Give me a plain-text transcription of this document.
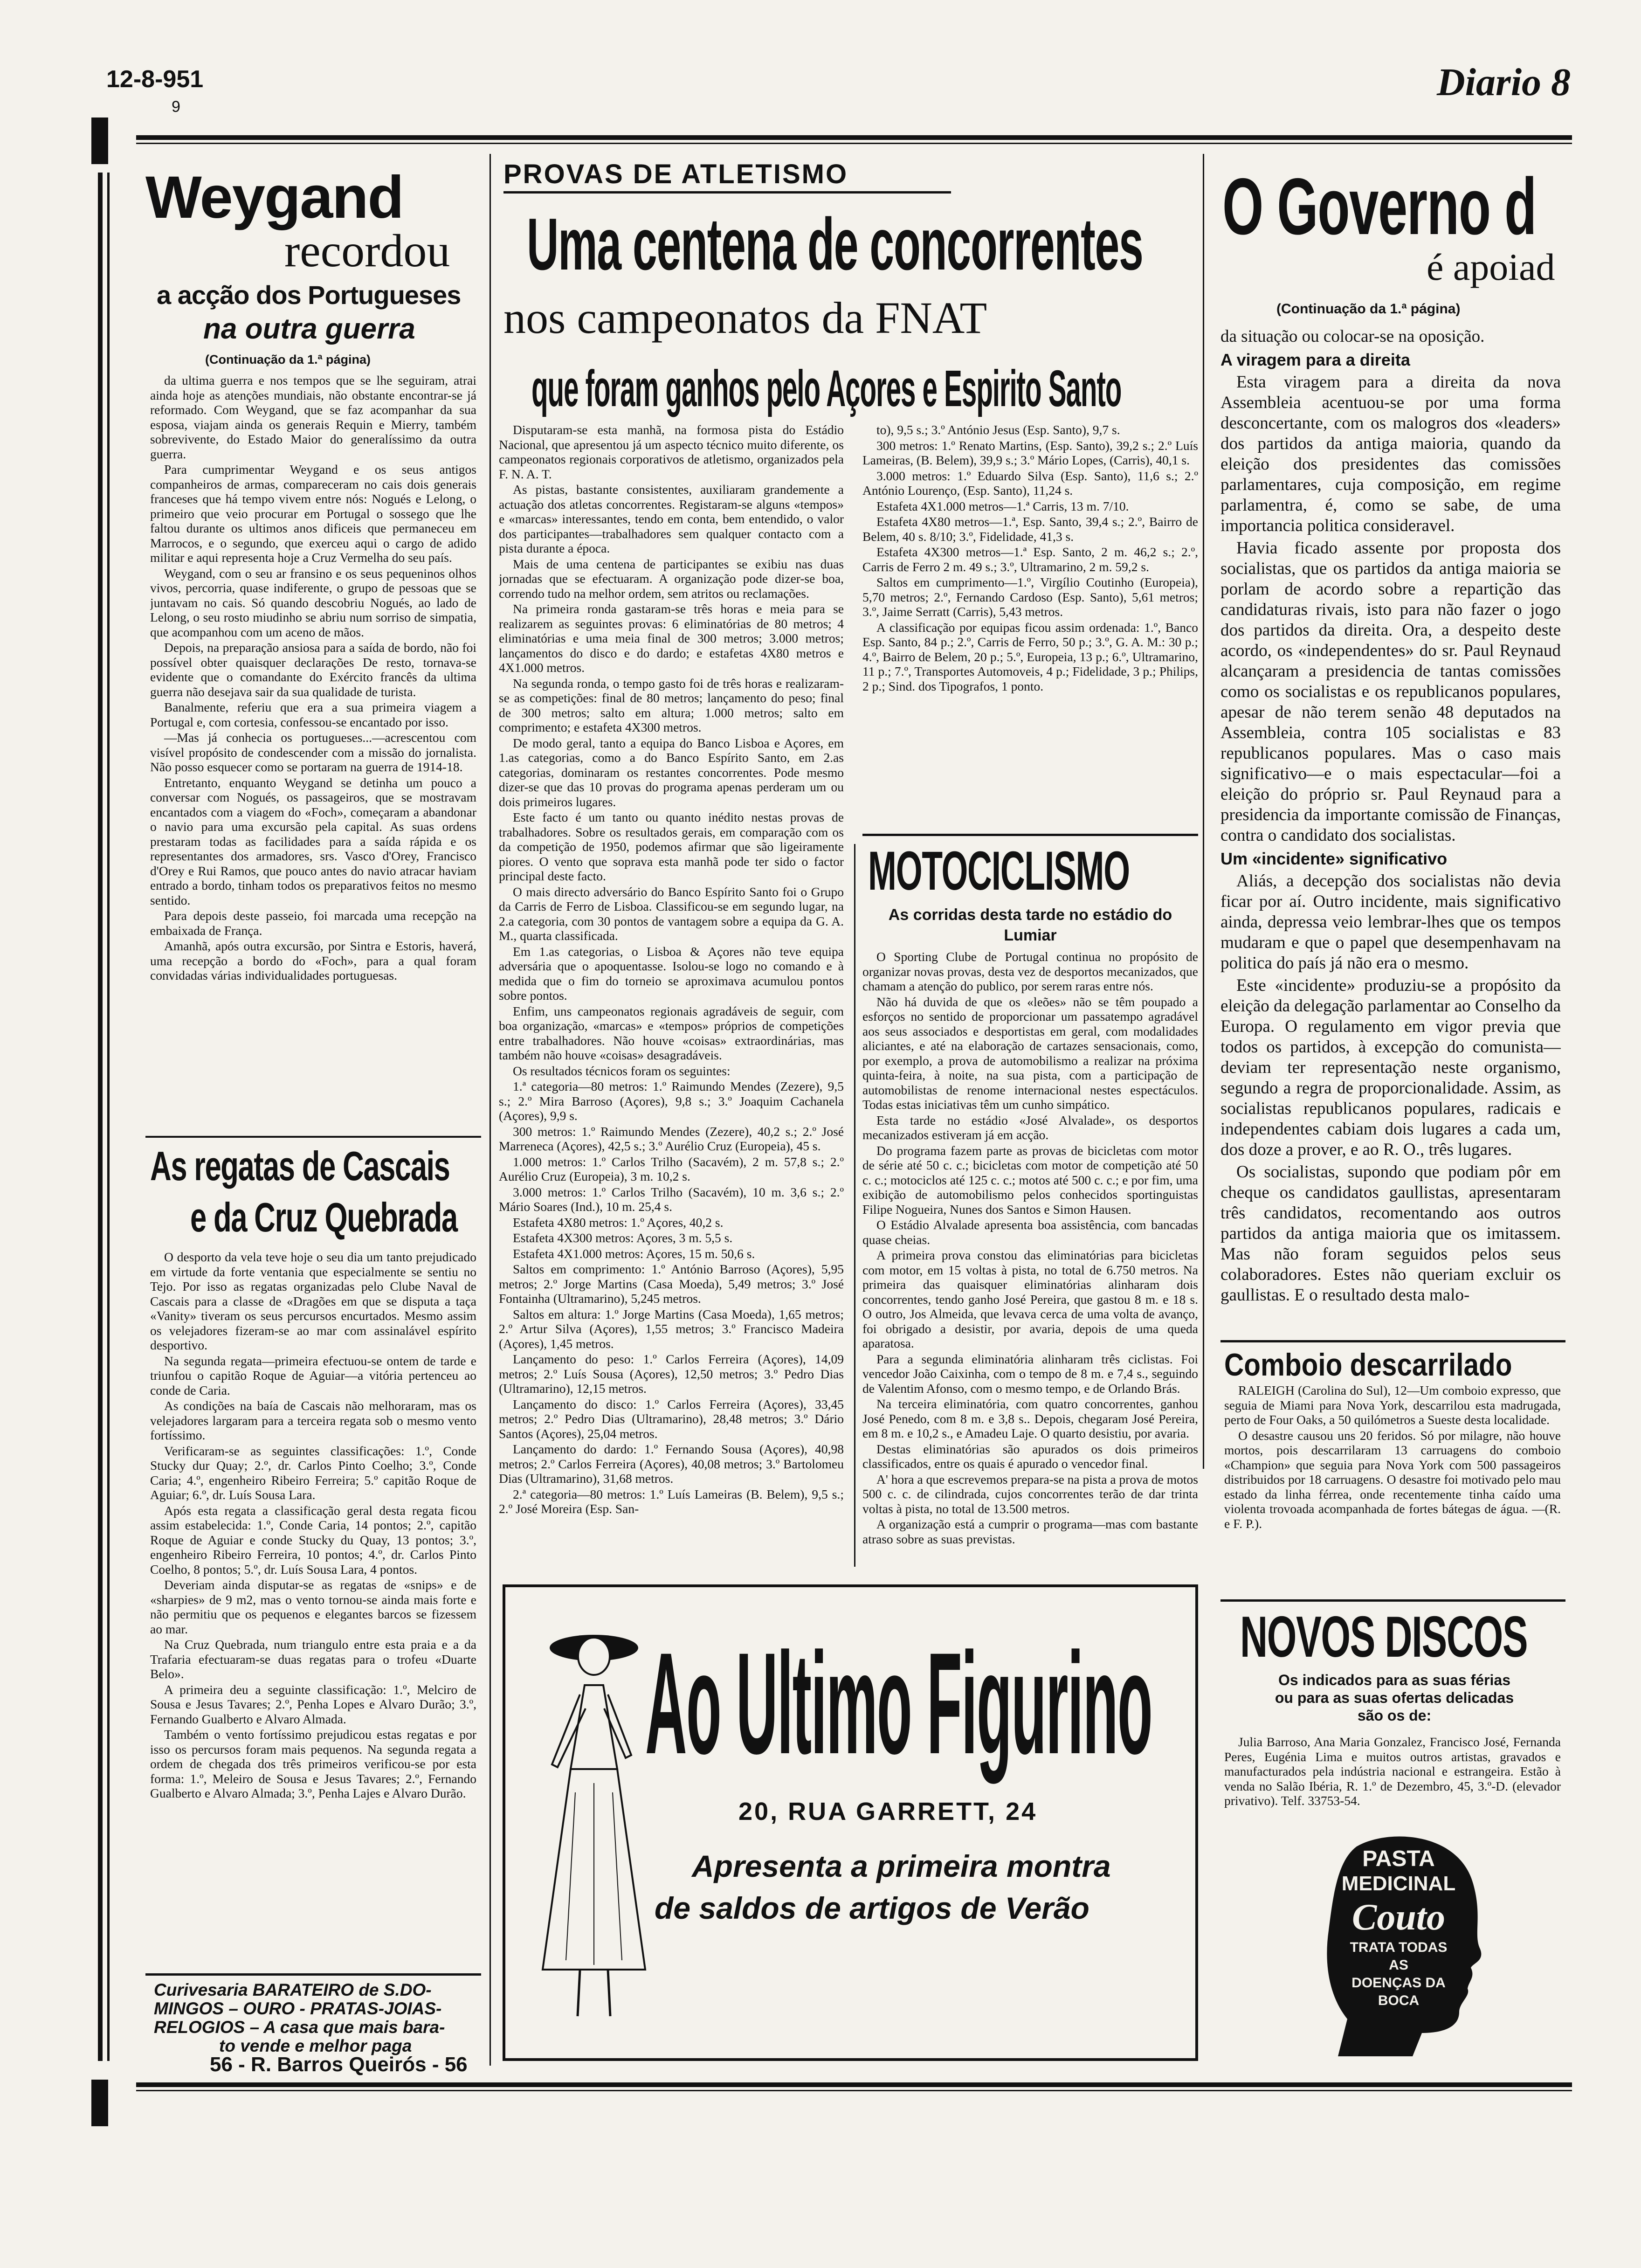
12-8-951
9
Diario 8
Weygand
recordou
a acção dos Portugueses
na outra guerra
(Continuação da 1.ª página)

da ultima guerra e nos tempos que se lhe seguiram, atrai ainda hoje as atenções mundiais, não obstante encontrar-se já reformado. Com Weygand, que se faz acompanhar da sua esposa, viajam ainda os generais Requin e Mierry, também sobrevivente, do Estado Maior do generalíssimo da outra guerra.

Para cumprimentar Weygand e os seus antigos companheiros de armas, compareceram no cais dois generais franceses que há tempo vivem entre nós: Nogués e Lelong, o primeiro que veio procurar em Portugal o sossego que lhe faltou durante os ultimos anos dificeis que permaneceu em Marrocos, e o segundo, que exerceu aqui o cargo de adido militar e aqui representa hoje a Cruz Vermelha do seu país.

Weygand, com o seu ar fransino e os seus pequeninos olhos vivos, percorria, quase indiferente, o grupo de pessoas que se juntavam no cais. Só quando descobriu Nogués, ao lado de Lelong, o seu rosto miudinho se abriu num sorriso de simpatia, que acompanhou com um aceno de mãos.

Depois, na preparação ansiosa para a saída de bordo, não foi possível obter quaisquer declarações De resto, tornava-se evidente que o comandante do Exército francês da ultima guerra não desejava sair da sua qualidade de turista.

Banalmente, referiu que era a sua primeira viagem a Portugal e, com cortesia, confessou-se encantado por isso.

—Mas já conhecia os portugueses...—acrescentou com visível propósito de condescender com a missão do jornalista. Não posso esquecer como se portaram na guerra de 1914-18.

Entretanto, enquanto Weygand se detinha um pouco a conversar com Nogués, os passageiros, que se mostravam encantados com a viagem do «Foch», começaram a abandonar o navio para uma excursão pela capital. As suas ordens prestaram todas as facilidades para a saída rápida e os representantes dos armadores, srs. Vasco d'Orey, Francisco d'Orey e Rui Ramos, que pouco antes do navio atracar haviam entrado a bordo, tinham todos os preparativos feitos no mesmo sentido.

Para depois deste passeio, foi marcada uma recepção na embaixada de França.

Amanhã, após outra excursão, por Sintra e Estoris, haverá, uma recepção a bordo do «Foch», para a qual foram convidadas várias individualidades portuguesas.

As regatas de Cascais
e da Cruz Quebrada

O desporto da vela teve hoje o seu dia um tanto prejudicado em virtude da forte ventania que especialmente se sentiu no Tejo. Por isso as regatas organizadas pelo Clube Naval de Cascais para a classe de «Dragões em que se disputa a taça «Vanity» tiveram os seus percursos encurtados. Mesmo assim os velejadores fizeram-se ao mar com assinalável espírito desportivo.

Na segunda regata—primeira efectuou-se ontem de tarde e triunfou o capitão Roque de Aguiar—a vitória pertenceu ao conde de Caria.

As condições na baía de Cascais não melhoraram, mas os velejadores largaram para a terceira regata sob o mesmo vento fortíssimo.

Verificaram-se as seguintes classificações: 1.º, Conde Stucky dur Quay; 2.º, dr. Carlos Pinto Coelho; 3.º, Conde Caria; 4.º, engenheiro Ribeiro Ferreira; 5.º capitão Roque de Aguiar; 6.º, dr. Luís Sousa Lara.

Após esta regata a classificação geral desta regata ficou assim estabelecida: 1.º, Conde Caria, 14 pontos; 2.º, capitão Roque de Aguiar e conde Stucky du Quay, 13 pontos; 3.º, engenheiro Ribeiro Ferreira, 10 pontos; 4.º, dr. Carlos Pinto Coelho, 8 pontos; 5.º, dr. Luís Sousa Lara, 4 pontos.

Deveriam ainda disputar-se as regatas de «snips» e de «sharpies» de 9 m2, mas o vento tornou-se ainda mais forte e não permitiu que os pequenos e elegantes barcos se fizessem ao mar.

Na Cruz Quebrada, num triangulo entre esta praia e a da Trafaria efectuaram-se duas regatas para o trofeu «Duarte Belo».

A primeira deu a seguinte classificação: 1.º, Melciro de Sousa e Jesus Tavares; 2.º, Penha Lopes e Alvaro Durão; 3.º, Fernando Gualberto e Alvaro Almada.

Também o vento fortíssimo prejudicou estas regatas e por isso os percursos foram mais pequenos. Na segunda regata a ordem de chegada dos três primeiros verificou-se por esta forma: 1.º, Meleiro de Sousa e Jesus Tavares; 2.º, Fernando Gualberto e Alvaro Almada; 3.º, Penha Lajes e Alvaro Durão.

Curivesaria BARATEIRO de S.DO-
MINGOS – OURO - PRATAS-JOIAS-
RELOGIOS – A casa que mais bara-
to vende e melhor paga
56 - R. Barros Queirós - 56
PROVAS DE ATLETISMO
Uma centena de concorrentes
nos campeonatos da FNAT
que foram ganhos pelo Açores e Espirito Santo

Disputaram-se esta manhã, na formosa pista do Estádio Nacional, que apresentou já um aspecto técnico muito diferente, os campeonatos regionais corporativos de atletismo, organizados pela F. N. A. T.

As pistas, bastante consistentes, auxiliaram grandemente a actuação dos atletas concorrentes. Registaram-se alguns «tempos» e «marcas» interessantes, tendo em conta, bem entendido, o valor dos participantes—trabalhadores sem qualquer contacto com a pista durante a época.

Mais de uma centena de participantes se exibiu nas duas jornadas que se efectuaram. A organização pode dizer-se boa, correndo tudo na melhor ordem, sem atritos ou reclamações.

Na primeira ronda gastaram-se três horas e meia para se realizarem as seguintes provas: 6 eliminatórias de 80 metros; 4 eliminatórias e uma meia final de 300 metros; 3.000 metros; lançamentos do disco e do dardo; e estafetas 4X80 metros e 4X1.000 metros.

Na segunda ronda, o tempo gasto foi de três horas e realizaram-se as competições: final de 80 metros; lançamento do peso; final de 300 metros; salto em altura; 1.000 metros; salto em comprimento; e estafeta 4X300 metros.

De modo geral, tanto a equipa do Banco Lisboa e Açores, em 1.as categorias, como a do Banco Espírito Santo, em 2.as categorias, dominaram os restantes concorrentes. Pode mesmo dizer-se que das 10 provas do programa apenas perderam um ou dois primeiros lugares.

Este facto é um tanto ou quanto inédito nestas provas de trabalhadores. Sobre os resultados gerais, em comparação com os da competição de 1950, podemos afirmar que são ligeiramente piores. O vento que soprava esta manhã pode ter sido o factor principal deste facto.

O mais directo adversário do Banco Espírito Santo foi o Grupo da Carris de Ferro de Lisboa. Classificou-se em segundo lugar, na 2.a categoria, com 30 pontos de vantagem sobre a equipa da G. A. M., quarta classificada.

Em 1.as categorias, o Lisboa & Açores não teve equipa adversária que o apoquentasse. Isolou-se logo no comando e à medida que o fim do torneio se aproximava acumulou pontos sobre pontos.

Enfim, uns campeonatos regionais agradáveis de seguir, com boa organização, «marcas» e «tempos» próprios de competições entre trabalhadores. Não houve «coisas» extraordinárias, mas também não houve «coisas» desagradáveis.

Os resultados técnicos foram os seguintes:

1.ª categoria—80 metros: 1.º Raimundo Mendes (Zezere), 9,5 s.; 2.º Mira Barroso (Açores), 9,8 s.; 3.º Joaquim Cachanela (Açores), 9,9 s.

300 metros: 1.º Raimundo Mendes (Zezere), 40,2 s.; 2.º José Marreneca (Açores), 42,5 s.; 3.º Aurélio Cruz (Europeia), 45 s.

1.000 metros: 1.º Carlos Trilho (Sacavém), 2 m. 57,8 s.; 2.º Aurélio Cruz (Europeia), 3 m. 10,2 s.

3.000 metros: 1.º Carlos Trilho (Sacavém), 10 m. 3,6 s.; 2.º Mário Soares (Ind.), 10 m. 25,4 s.

Estafeta 4X80 metros: 1.º Açores, 40,2 s.

Estafeta 4X300 metros: Açores, 3 m. 5,5 s.

Estafeta 4X1.000 metros: Açores, 15 m. 50,6 s.

Saltos em comprimento: 1.º António Barroso (Açores), 5,95 metros; 2.º Jorge Martins (Casa Moeda), 5,49 metros; 3.º José Fontainha (Ultramarino), 5,245 metros.

Saltos em altura: 1.º Jorge Martins (Casa Moeda), 1,65 metros; 2.º Artur Silva (Açores), 1,55 metros; 3.º Francisco Madeira (Açores), 1,45 metros.

Lançamento do peso: 1.º Carlos Ferreira (Açores), 14,09 metros; 2.º Luís Sousa (Açores), 12,50 metros; 3.º Pedro Dias (Ultramarino), 12,15 metros.

Lançamento do disco: 1.º Carlos Ferreira (Açores), 33,45 metros; 2.º Pedro Dias (Ultramarino), 28,48 metros; 3.º Dário Santos (Açores), 25,04 metros.

Lançamento do dardo: 1.º Fernando Sousa (Açores), 40,98 metros; 2.º Carlos Ferreira (Açores), 40,08 metros; 3.º Bartolomeu Dias (Ultramarino), 31,68 metros.

2.ª categoria—80 metros: 1.º Luís Lameiras (B. Belem), 9,5 s.; 2.º José Moreira (Esp. San-

to), 9,5 s.; 3.º António Jesus (Esp. Santo), 9,7 s.

300 metros: 1.º Renato Martins, (Esp. Santo), 39,2 s.; 2.º Luís Lameiras, (B. Belem), 39,9 s.; 3.º Mário Lopes, (Carris), 40,1 s.

3.000 metros: 1.º Eduardo Silva (Esp. Santo), 11,6 s.; 2.º António Lourenço, (Esp. Santo), 11,24 s.

Estafeta 4X1.000 metros—1.ª Carris, 13 m. 7/10.

Estafeta 4X80 metros—1.ª, Esp. Santo, 39,4 s.; 2.º, Bairro de Belem, 40 s. 8/10; 3.º, Fidelidade, 41,3 s.

Estafeta 4X300 metros—1.ª Esp. Santo, 2 m. 46,2 s.; 2.º, Carris de Ferro 2 m. 49 s.; 3.º, Ultramarino, 2 m. 59,2 s.

Saltos em cumprimento—1.º, Virgílio Coutinho (Europeia), 5,70 metros; 2.º, Fernando Cardoso (Esp. Santo), 5,61 metros; 3.º, Jaime Serratt (Carris), 5,43 metros.

A classificação por equipas ficou assim ordenada: 1.º, Banco Esp. Santo, 84 p.; 2.º, Carris de Ferro, 50 p.; 3.º, G. A. M.: 30 p.; 4.º, Bairro de Belem, 20 p.; 5.º, Europeia, 13 p.; 6.º, Ultramarino, 11 p.; 7.º, Transportes Automoveis, 4 p.; Fidelidade, 3 p.; Philips, 2 p.; Sind. dos Tipografos, 1 ponto.

MOTOCICLISMO
As corridas desta tarde no estádio do Lumiar

O Sporting Clube de Portugal continua no propósito de organizar novas provas, desta vez de desportos mecanizados, que chamam a atenção do publico, por serem raras entre nós.

Não há duvida de que os «leões» não se têm poupado a esforços no sentido de proporcionar um passatempo agradável aos seus associados e desportistas em geral, com modalidades aliciantes, e até na elaboração de cartazes sensacionais, como, por exemplo, a prova de automobilismo a realizar na próxima quinta-feira, à noite, na sua pista, com a participação de automobilistas de renome internacional nestes espectáculos. Todas estas iniciativas têm um cunho simpático.

Esta tarde no estádio «José Alvalade», os desportos mecanizados estiveram já em acção.

Do programa fazem parte as provas de bicicletas com motor de série até 50 c. c.; bicicletas com motor de competição até 50 c. c.; motociclos até 125 c. c.; motos até 500 c. c.; e por fim, uma exibição de automobilismo pelos conhecidos sportinguistas Filipe Nogueira, Nunes dos Santos e Simon Hausen.

O Estádio Alvalade apresenta boa assistência, com bancadas quase cheias.

A primeira prova constou das eliminatórias para bicicletas com motor, em 15 voltas à pista, no total de 6.750 metros. Na primeira das quaisquer eliminatórias alinharam dois concorrentes, tendo ganho José Pereira, que gastou 8 m. e 18 s. O outro, Jos Almeida, que levava cerca de uma volta de avanço, foi obrigado a desistir, por avaria, depois de uma queda aparatosa.

Para a segunda eliminatória alinharam três ciclistas. Foi vencedor João Caixinha, com o tempo de 8 m. e 7,4 s., seguindo de Valentim Afonso, com o mesmo tempo, e de Orlando Brás.

Na terceira eliminatória, com quatro concorrentes, ganhou José Penedo, com 8 m. e 3,8 s.. Depois, chegaram José Pereira, em 8 m. e 10,2 s., e Amadeu Laje. O quarto desistiu, por avaria.

Destas eliminatórias são apurados os dois primeiros classificados, entre os quais é apurado o vencedor final.

A' hora a que escrevemos prepara-se na pista a prova de motos 500 c. c. de cilindrada, cujos concorrentes terão de dar trinta voltas à pista, no total de 13.500 metros.

A organização está a cumprir o programa—mas com bastante atraso sobre as suas previstas.

Ao Ultimo Figurino
20, RUA GARRETT, 24
Apresenta a primeira montra
de saldos de artigos de Verão
O Governo d
é apoiad
(Continuação da 1.ª página)

da situação ou colocar-se na oposição.

A viragem para a direita

Esta viragem para a direita da nova Assembleia acentuou-se por uma forma desconcertante, com os malogros dos «leaders» dos partidos da antiga maioria, quando da eleição dos presidentes das comissões parlamentares, cuja composição, em regime parlamentra, é, como se sabe, de uma importancia politica consideravel.

Havia ficado assente por proposta dos socialistas, que os partidos da antiga maioria se porlam de acordo sobre a repartição das candidaturas rivais, isto para não fazer o jogo dos partidos da direita. Ora, a despeito deste acordo, os «independentes» do sr. Paul Reynaud alcançaram a presidencia de tantas comissões como os socialistas e os republicanos populares, apesar de não terem senão 48 deputados na Assembleia, contra 105 socialistas e 83 republicanos populares. Mas o caso mais significativo—e o mais espectacular—foi a eleição do próprio sr. Paul Reynaud para a presidencia da importante comissão de Finanças, contra o candidato dos socialistas.

Um «incidente» significativo

Aliás, a decepção dos socialistas não devia ficar por aí. Outro incidente, mais significativo ainda, depressa veio lembrar-lhes que os tempos mudaram e que o papel que desempenhavam na politica do país já não era o mesmo.

Este «incidente» produziu-se a propósito da eleição da delegação parlamentar ao Conselho da Europa. O regulamento em vigor previa que todos os partidos, à excepção do comunista—deviam ter representação neste organismo, segundo a regra de proporcionalidade. Assim, as socialistas republicanos populares, radicais e independentes cabiam dois lugares a cada um, dos doze a prover, e ao R. O., três lugares.

Os socialistas, supondo que podiam pôr em cheque os candidatos gaullistas, apresentaram três candidatos, recomentando aos outros partidos da antiga maioria que os imitassem. Mas não foram seguidos pelos seus colaboradores. Estes não queriam excluir os gaullistas. E o resultado desta malo-

Comboio descarrilado

RALEIGH (Carolina do Sul), 12—Um comboio expresso, que seguia de Miami para Nova York, descarrilou esta madrugada, perto de Four Oaks, a 50 quilómetros a Sueste desta localidade.

O desastre causou uns 20 feridos. Só por milagre, não houve mortos, pois descarrilaram 13 carruagens do comboio «Champion» que seguia para Nova York com 500 passageiros distribuidos por 18 carruagens. O desastre foi motivado pelo mau estado da linha férrea, onde recentemente tinha caído uma violenta trovoada acompanhada de fortes bátegas de água. —(R. e F. P.).

NOVOS DISCOS
Os indicados para as suas férias
ou para as suas ofertas delicadas
são os de:

Julia Barroso, Ana Maria Gonzalez, Francisco José, Fernanda Peres, Eugénia Lima e muitos outros artistas, gravados e manufacturados pela indústria nacional e estrangeira. Estão à venda no Salão Ibéria, R. 1.º de Dezembro, 45, 3.º-D. (elevador privativo). Telf. 33753-54.

PASTA
MEDICINAL
Couto
TRATA TODAS
AS
DOENÇAS DA
BOCA
